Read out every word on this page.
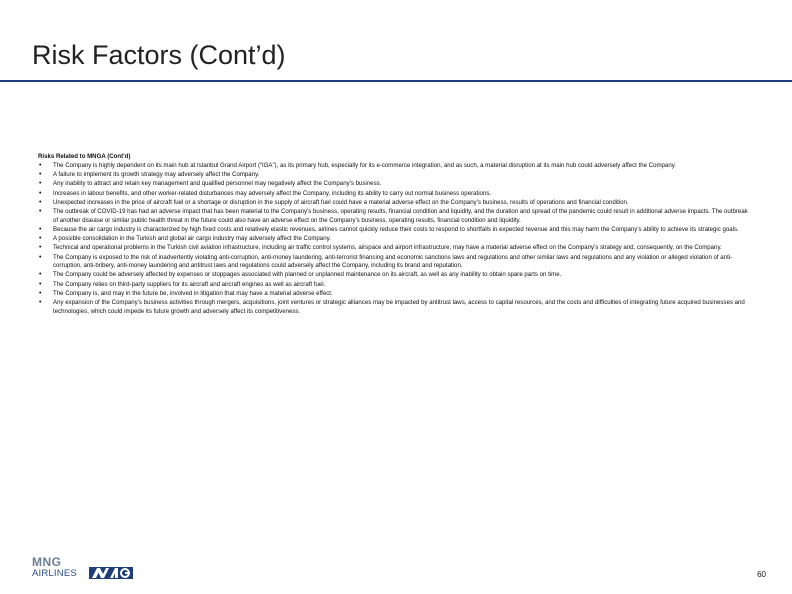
Risk Factors (Cont’d)
Risks Related to MNGA (Cont’d)
• The Company is highly dependent on its main hub at Istanbul Grand Airport (“IGA”), as its primary hub, especially for its e-commerce integration, and as such, a material disruption at its main hub could adversely affect the Company.
• A failure to implement its growth strategy may adversely affect the Company.
• Any inability to attract and retain key management and qualified personnel may negatively affect the Company’s business.
• Increases in labour benefits, and other worker-related disturbances may adversely affect the Company, including its ability to carry out normal business operations.
• Unexpected increases in the price of aircraft fuel or a shortage or disruption in the supply of aircraft fuel could have a material adverse effect on the Company’s business, results of operations and financial condition.
• The outbreak of COVID-19 has had an adverse impact that has been material to the Company’s business, operating results, financial condition and liquidity, and the duration and spread of the pandemic could result in additional adverse impacts. The outbreak of another disease or similar public health threat in the future could also have an adverse effect on the Company’s business, operating results, financial condition and liquidity.
• Because the air cargo industry is characterized by high fixed costs and relatively elastic revenues, airlines cannot quickly reduce their costs to respond to shortfalls in expected revenue and this may harm the Company’s ability to achieve its strategic goals.
• A possible consolidation in the Turkish and global air cargo industry may adversely affect the Company.
• Technical and operational problems in the Turkish civil aviation infrastructure, including air traffic control systems, airspace and airport infrastructure, may have a material adverse effect on the Company’s strategy and, consequently, on the Company.
• The Company is exposed to the risk of inadvertently violating anti-corruption, anti-money laundering, anti-terrorist financing and economic sanctions laws and regulations and other similar laws and regulations and any violation or alleged violation of anti-corruption, anti-bribery, anti-money laundering and antitrust laws and regulations could adversely affect the Company, including its brand and reputation.
• The Company could be adversely affected by expenses or stoppages associated with planned or unplanned maintenance on its aircraft, as well as any inability to obtain spare parts on time.
• The Company relies on third-party suppliers for its aircraft and aircraft engines as well as aircraft fuel.
• The Company is, and may in the future be, involved in litigation that may have a material adverse effect.
• Any expansion of the Company’s business activities through mergers, acquisitions, joint ventures or strategic alliances may be impacted by antitrust laws, access to capital resources, and the costs and difficulties of integrating future acquired businesses and technologies, which could impede its future growth and adversely affect its competitiveness.
MNG
AIRLINES	60
